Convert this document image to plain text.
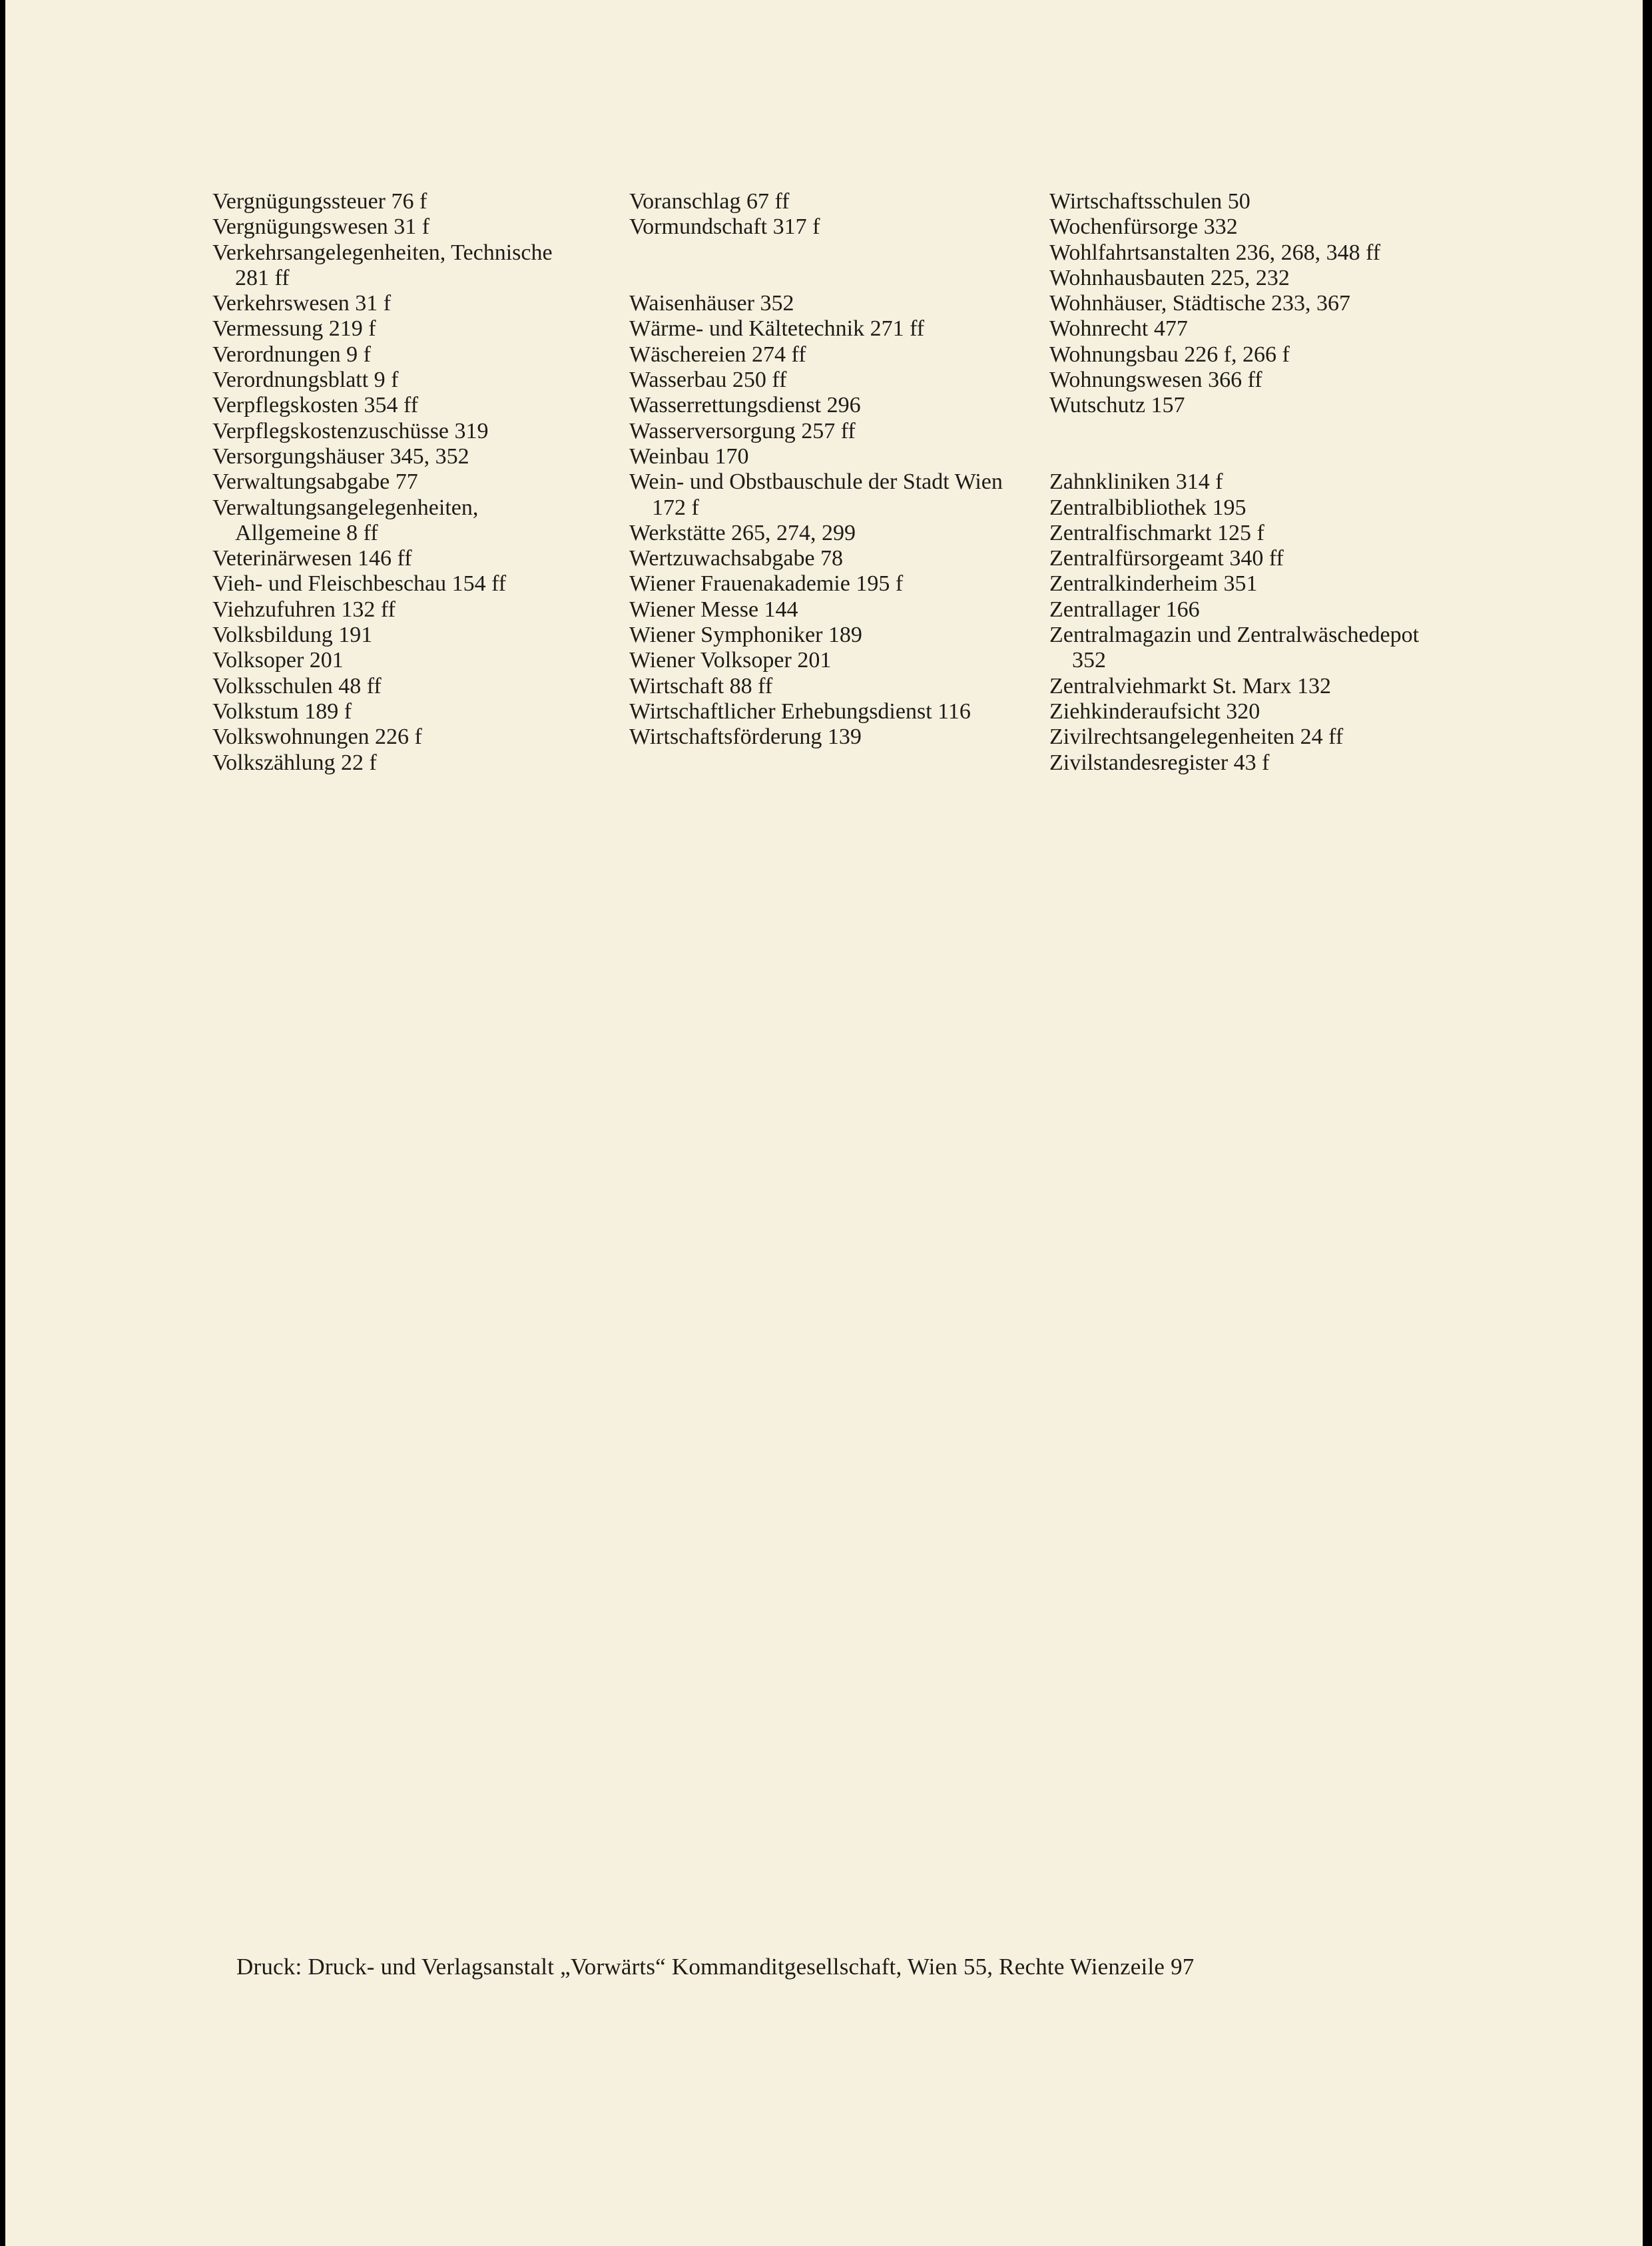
Vergnügungssteuer 76 f
Vergnügungswesen 31 f
Verkehrsangelegenheiten, Technische 281 ff
Verkehrswesen 31 f
Vermessung 219 f
Verordnungen 9 f
Verordnungsblatt 9 f
Verpflegskosten 354 ff
Verpflegskostenzuschüsse 319
Versorgungshäuser 345, 352
Verwaltungsabgabe 77
Verwaltungsangelegenheiten, Allgemeine 8 ff
Veterinärwesen 146 ff
Vieh- und Fleischbeschau 154 ff
Viehzufuhren 132 ff
Volksbildung 191
Volksoper 201
Volksschulen 48 ff
Volkstum 189 f
Volkswohnungen 226 f
Volkszählung 22 f
Voranschlag 67 ff
Vormundschaft 317 f
Waisenhäuser 352
Wärme- und Kältetechnik 271 ff
Wäschereien 274 ff
Wasserbau 250 ff
Wasserrettungsdienst 296
Wasserversorgung 257 ff
Weinbau 170
Wein- und Obstbauschule der Stadt Wien 172 f
Werkstätte 265, 274, 299
Wertzuwachsabgabe 78
Wiener Frauenakademie 195 f
Wiener Messe 144
Wiener Symphoniker 189
Wiener Volksoper 201
Wirtschaft 88 ff
Wirtschaftlicher Erhebungsdienst 116
Wirtschaftsförderung 139
Wirtschaftsschulen 50
Wochenfürsorge 332
Wohlfahrtsanstalten 236, 268, 348 ff
Wohnhausbauten 225, 232
Wohnhäuser, Städtische 233, 367
Wohnrecht 477
Wohnungsbau 226 f, 266 f
Wohnungswesen 366 ff
Wutschutz 157
Zahnkliniken 314 f
Zentralbibliothek 195
Zentralfischmarkt 125 f
Zentralfürsorgeamt 340 ff
Zentralkinderheim 351
Zentrallager 166
Zentralmagazin und Zentralwäschedepot 352
Zentralviehmarkt St. Marx 132
Ziehkinderaufsicht 320
Zivilrechtsangelegenheiten 24 ff
Zivilstandesregister 43 f
Druck: Druck- und Verlagsanstalt „Vorwärts“ Kommanditgesellschaft, Wien 55, Rechte Wienzeile 97
